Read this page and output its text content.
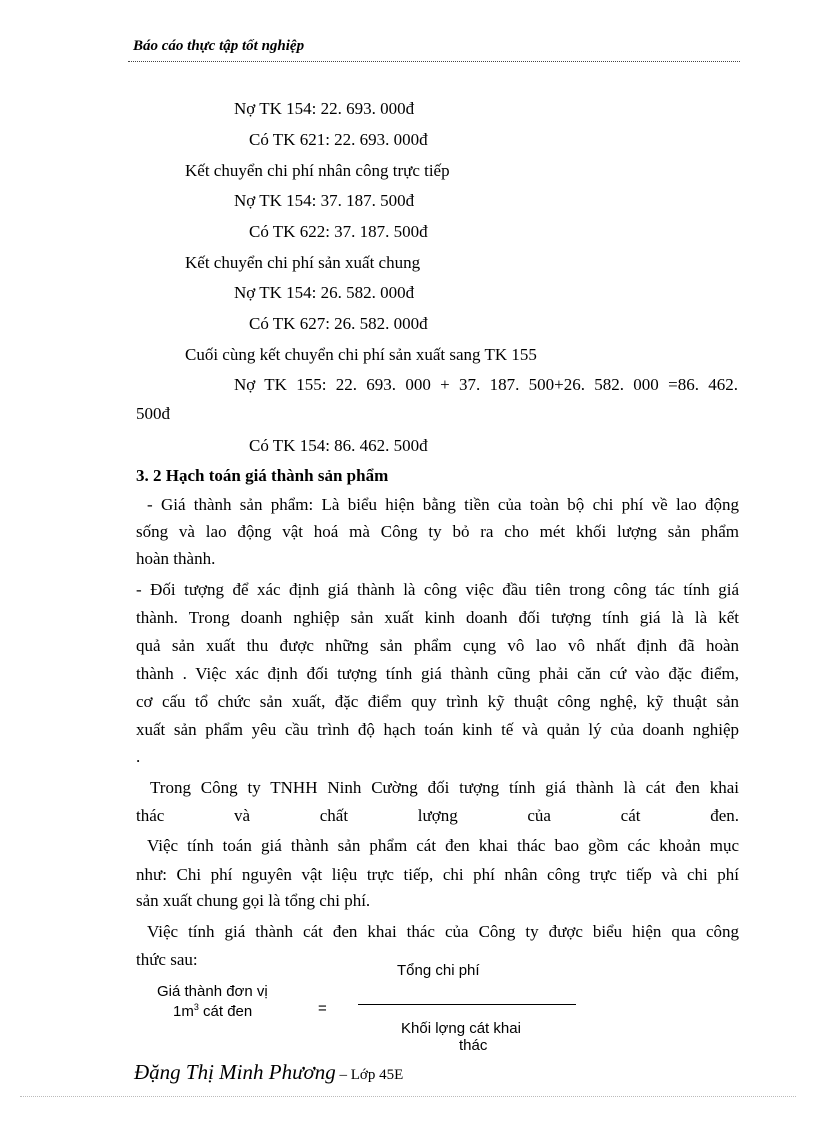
Báo cáo thực tập tốt nghiệp
Nợ TK 154: 22. 693. 000đ
Có TK 621: 22. 693. 000đ
Kết chuyển chi phí nhân công trực tiếp
Nợ TK 154: 37. 187. 500đ
Có TK 622: 37. 187. 500đ
Kết chuyển chi phí sản xuất chung
Nợ TK 154: 26. 582. 000đ
Có TK 627: 26. 582. 000đ
Cuối cùng kết chuyển chi phí sản xuất sang TK 155
Nợ TK 155: 22. 693. 000 + 37. 187. 500+26. 582. 000 =86. 462.
500đ
Có TK 154: 86. 462. 500đ
3. 2 Hạch toán giá thành sản phẩm
- Giá thành sản phẩm: Là biểu hiện bằng tiền của toàn bộ chi phí về lao động
sống và lao động vật hoá mà Công ty bỏ ra cho mét khối lượng sản phẩm
hoàn thành.
- Đối tượng để xác định giá thành là công việc đầu tiên trong công tác tính giá
thành. Trong doanh nghiệp sản xuất kinh doanh đối tượng tính giá là là kết
quả sản xuất thu được những sản phẩm cụng vô lao vô nhất định đã hoàn
thành . Việc xác định đối tượng tính giá thành cũng phải căn cứ vào đặc điểm,
cơ cấu tổ chức sản xuất, đặc điểm quy trình kỹ thuật công nghệ, kỹ thuật sản
xuất sản phẩm yêu cầu trình độ hạch toán kinh tế và quản lý của doanh nghiệp
.
Trong Công ty TNHH Ninh Cường đối tượng tính giá thành là cát đen khai
thác và chất lượng của cát đen.
Việc tính toán giá thành sản phẩm cát đen khai thác bao gồm các khoản mục
như: Chi phí nguyên vật liệu trực tiếp, chi phí nhân công trực tiếp và chi phí
sản xuất chung gọi là tổng chi phí.
Việc tính giá thành cát đen khai thác của Công ty được biểu hiện qua công
thức sau:
Tổng chi phí
Giá thành đơn vị
$1m^3$ cát đen	=
Khối lợng cát khai
thác
Đặng Thị Minh Phương – Lớp 45E
